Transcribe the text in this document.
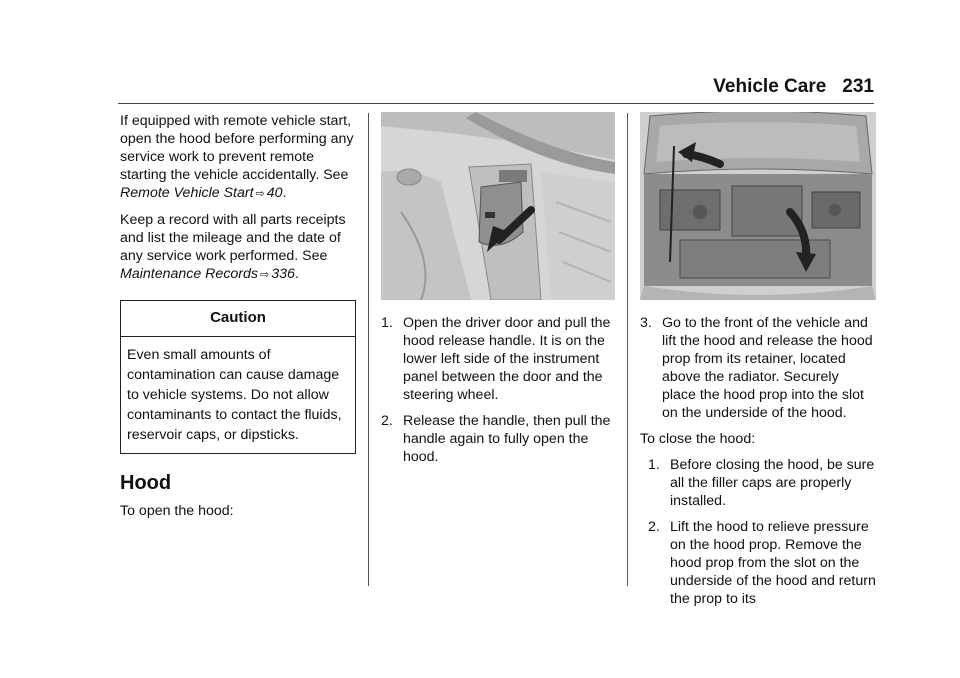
Vehicle Care 231

If equipped with remote vehicle start, open the hood before performing any service work to prevent remote starting the vehicle accidentally. See Remote Vehicle Start ⇨ 40.

Keep a record with all parts receipts and list the mileage and the date of any service work performed. See Maintenance Records ⇨ 336.

Caution
Even small amounts of contamination can cause damage to vehicle systems. Do not allow contaminants to contact the fluids, reservoir caps, or dipsticks.
Hood

To open the hood:

1. Open the driver door and pull the hood release handle. It is on the lower left side of the instrument panel between the door and the steering wheel.
2. Release the handle, then pull the handle again to fully open the hood.
3. Go to the front of the vehicle and lift the hood and release the hood prop from its retainer, located above the radiator. Securely place the hood prop into the slot on the underside of the hood.

To close the hood:

1. Before closing the hood, be sure all the filler caps are properly installed.
2. Lift the hood to relieve pressure on the hood prop. Remove the hood prop from the slot on the underside of the hood and return the prop to its
